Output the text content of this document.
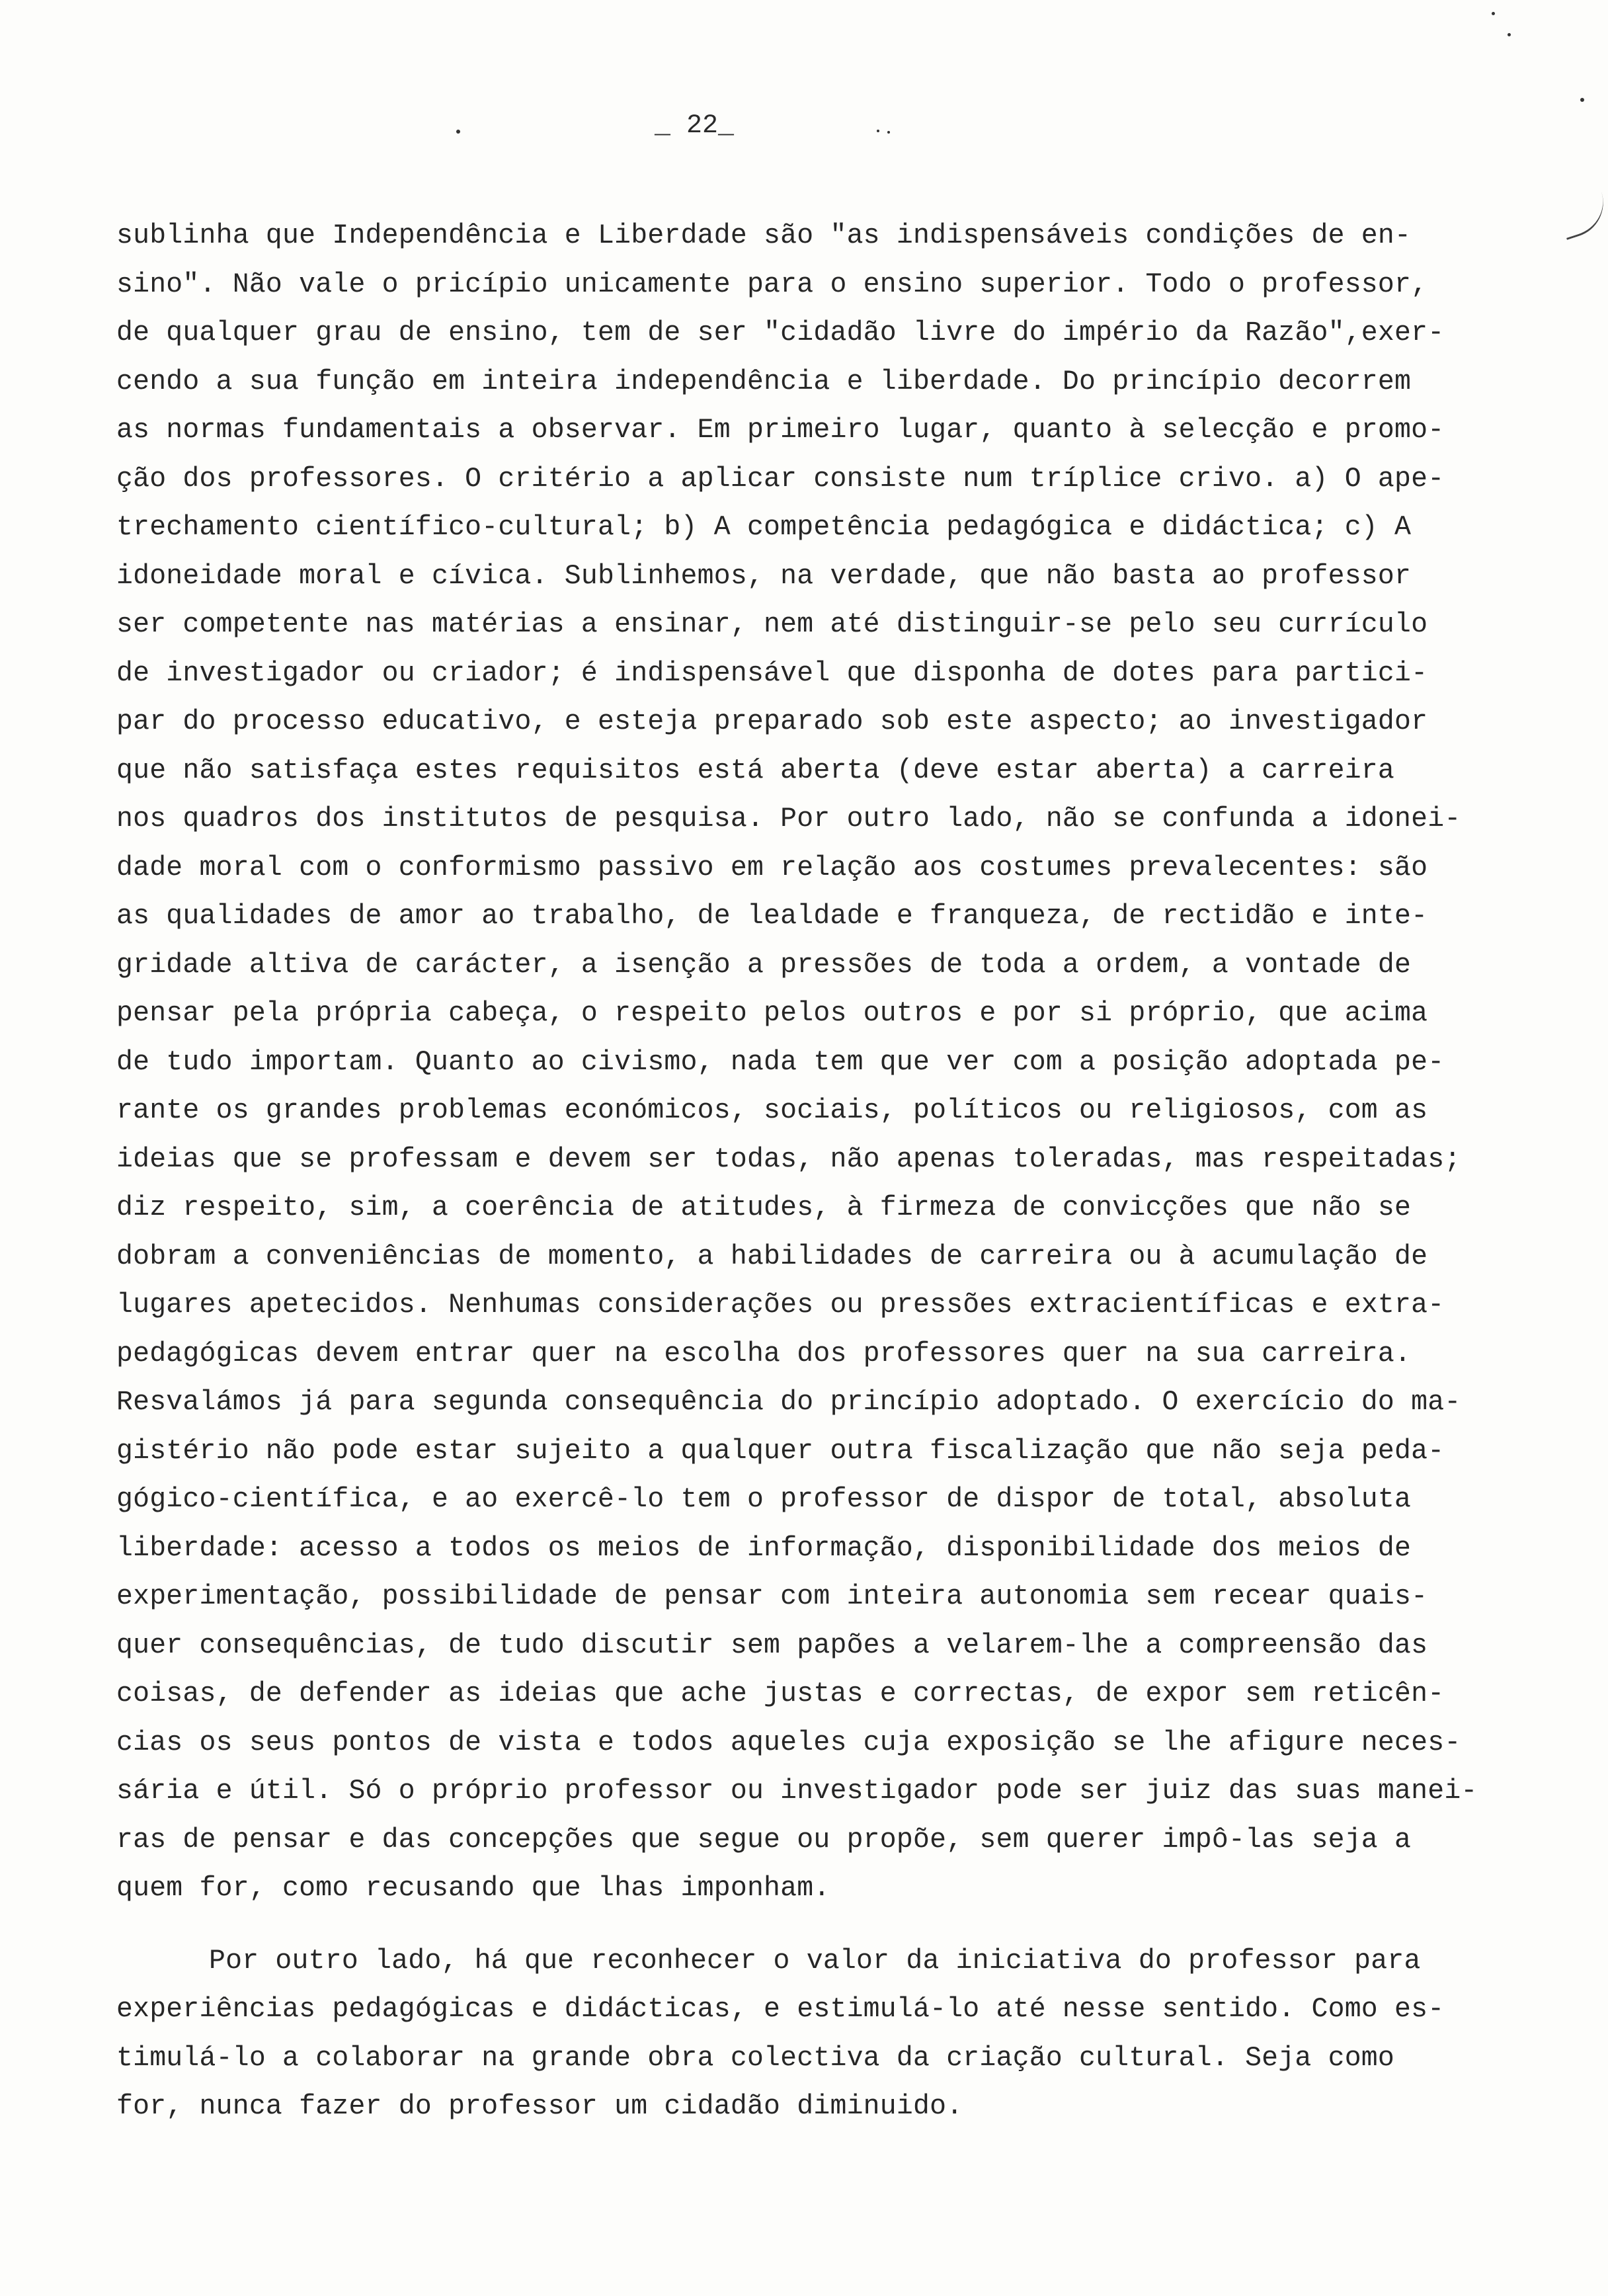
_ 22_
sublinha que Independência e Liberdade são "as indispensáveis condições de en-
sino". Não vale o pricípio unicamente para o ensino superior. Todo o professor,
de qualquer grau de ensino, tem de ser "cidadão livre do império da Razão",exer-
cendo a sua função em inteira independência e liberdade. Do princípio decorrem
as normas fundamentais a observar. Em primeiro lugar, quanto à selecção e promo-
ção dos professores. O critério a aplicar consiste num tríplice crivo. a) O ape-
trechamento científico-cultural; b) A competência pedagógica e didáctica; c) A
idoneidade moral e cívica. Sublinhemos, na verdade, que não basta ao professor
ser competente nas matérias a ensinar, nem até distinguir-se pelo seu currículo
de investigador ou criador; é indispensável que disponha de dotes para partici-
par do processo educativo, e esteja preparado sob este aspecto; ao investigador
que não satisfaça estes requisitos está aberta (deve estar aberta) a carreira
nos quadros dos institutos de pesquisa. Por outro lado, não se confunda a idonei-
dade moral com o conformismo passivo em relação aos costumes prevalecentes: são
as qualidades de amor ao trabalho, de lealdade e franqueza, de rectidão e inte-
gridade altiva de carácter, a isenção a pressões de toda a ordem, a vontade de
pensar pela própria cabeça, o respeito pelos outros e por si próprio, que acima
de tudo importam. Quanto ao civismo, nada tem que ver com a posição adoptada pe-
rante os grandes problemas económicos, sociais, políticos ou religiosos, com as
ideias que se professam e devem ser todas, não apenas toleradas, mas respeitadas;
diz respeito, sim, a coerência de atitudes, à firmeza de convicções que não se
dobram a conveniências de momento, a habilidades de carreira ou à acumulação de
lugares apetecidos. Nenhumas considerações ou pressões extracientíficas e extra-
pedagógicas devem entrar quer na escolha dos professores quer na sua carreira.
Resvalámos já para segunda consequência do princípio adoptado. O exercício do ma-
gistério não pode estar sujeito a qualquer outra fiscalização que não seja peda-
gógico-científica, e ao exercê-lo tem o professor de dispor de total, absoluta
liberdade: acesso a todos os meios de informação, disponibilidade dos meios de
experimentação, possibilidade de pensar com inteira autonomia sem recear quais-
quer consequências, de tudo discutir sem papões a velarem-lhe a compreensão das
coisas, de defender as ideias que ache justas e correctas, de expor sem reticên-
cias os seus pontos de vista e todos aqueles cuja exposição se lhe afigure neces-
sária e útil. Só o próprio professor ou investigador pode ser juiz das suas manei-
ras de pensar e das concepções que segue ou propõe, sem querer impô-las seja a
quem for, como recusando que lhas imponham.
Por outro lado, há que reconhecer o valor da iniciativa do professor para
experiências pedagógicas e didácticas, e estimulá-lo até nesse sentido. Como es-
timulá-lo a colaborar na grande obra colectiva da criação cultural. Seja como
for, nunca fazer do professor um cidadão diminuido.
